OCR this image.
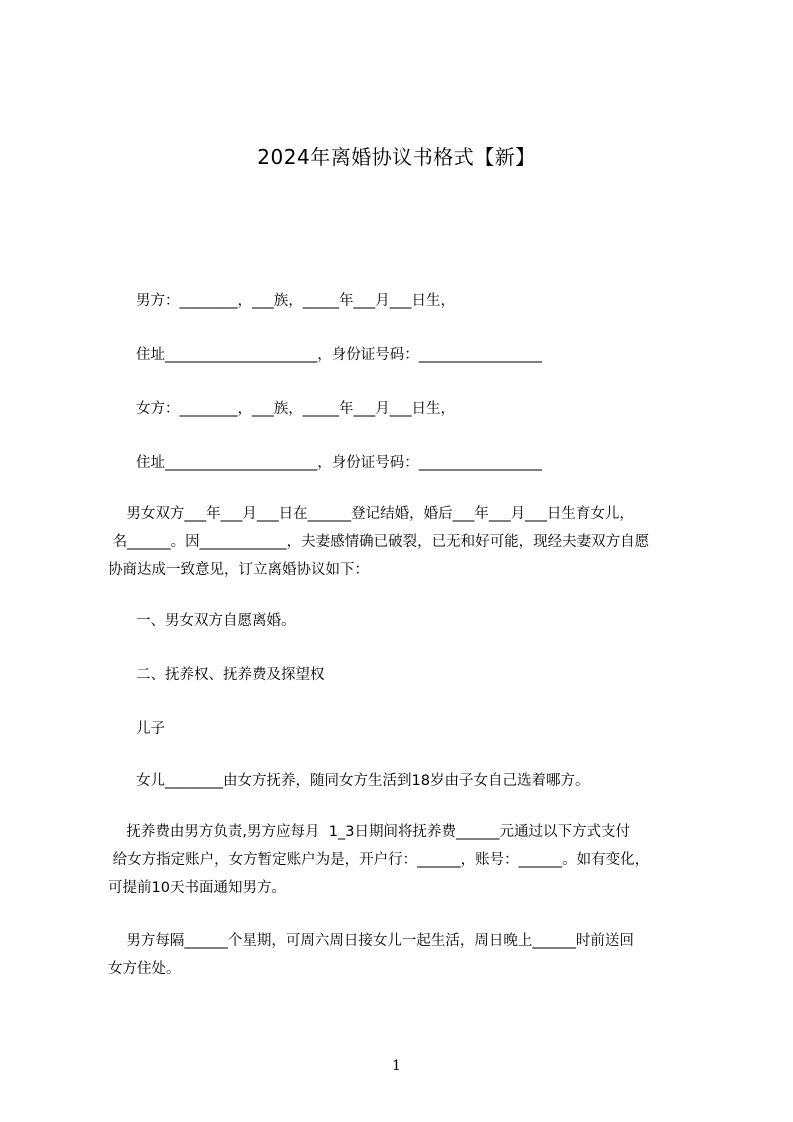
2024年离婚协议书格式【新】
男方：________，___族，_____年___月___日生，
住址_____________________，身份证号码：_________________
女方：________，___族，_____年___月___日生，
住址_____________________，身份证号码：_________________
男女双方___年___月___日在______登记结婚，婚后___年___月___日生育女儿，
名______。因____________，夫妻感情确已破裂，已无和好可能，现经夫妻双方自愿
协商达成一致意见，订立离婚协议如下：
一、男女双方自愿离婚。
二、抚养权、抚养费及探望权
儿子
女儿________由女方抚养，随同女方生活到18岁由子女自己选着哪方。
抚养费由男方负责,男方应每月  1_3日期间将抚养费______元通过以下方式支付
给女方指定账户，女方暂定账户为是，开户行：______，账号：______。如有变化，
可提前10天书面通知男方。
男方每隔______个星期，可周六周日接女儿一起生活，周日晚上______时前送回
女方住处。
1
